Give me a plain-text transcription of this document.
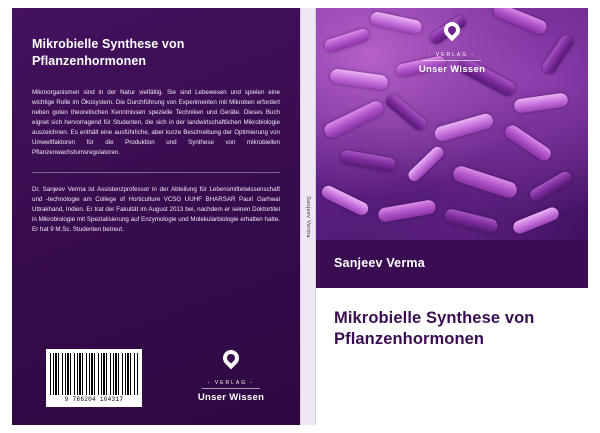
Mikrobielle Synthese von
Pflanzenhormonen

Mikroorganismen sind in der Natur vielfältig. Sie sind Lebewesen und spielen eine wichtige Rolle im Ökosystem. Die Durchführung von Experimenten mit Mikroben erfordert neben guten theoretischen Kenntnissen spezielle Techniken und Geräte. Dieses Buch eignet sich hervorragend für Studenten, die sich in der landwirtschaftlichen Mikrobiologie auszeichnen. Es enthält eine ausführliche, aber kurze Beschreibung der Optimierung von Umweltfaktoren für die Produktion und Synthese von mikrobiellen Pflanzenwachstumsregulatoren.

Dr. Sanjeev Verma ist Assistenzprofessor in der Abteilung für Lebensmittelwissenschaft und -technologie am College of Horticulture VCSG UUHF BHARSAR Pauri Garhwal Uttrakhand, Indien. Er trat der Fakultät im August 2013 bei, nachdem er seinen Doktortitel in Mikrobiologie mit Spezialisierung auf Enzymologie und Molekularbiologie erhalten hatte. Er hat 9 M.Sc. Studenten betreut.

9 786204 104317
- VERLAG -
Unser Wissen
Sanjeev Verma
- VERLAG -
Unser Wissen
Sanjeev Verma
Mikrobielle Synthese von
Pflanzenhormonen
